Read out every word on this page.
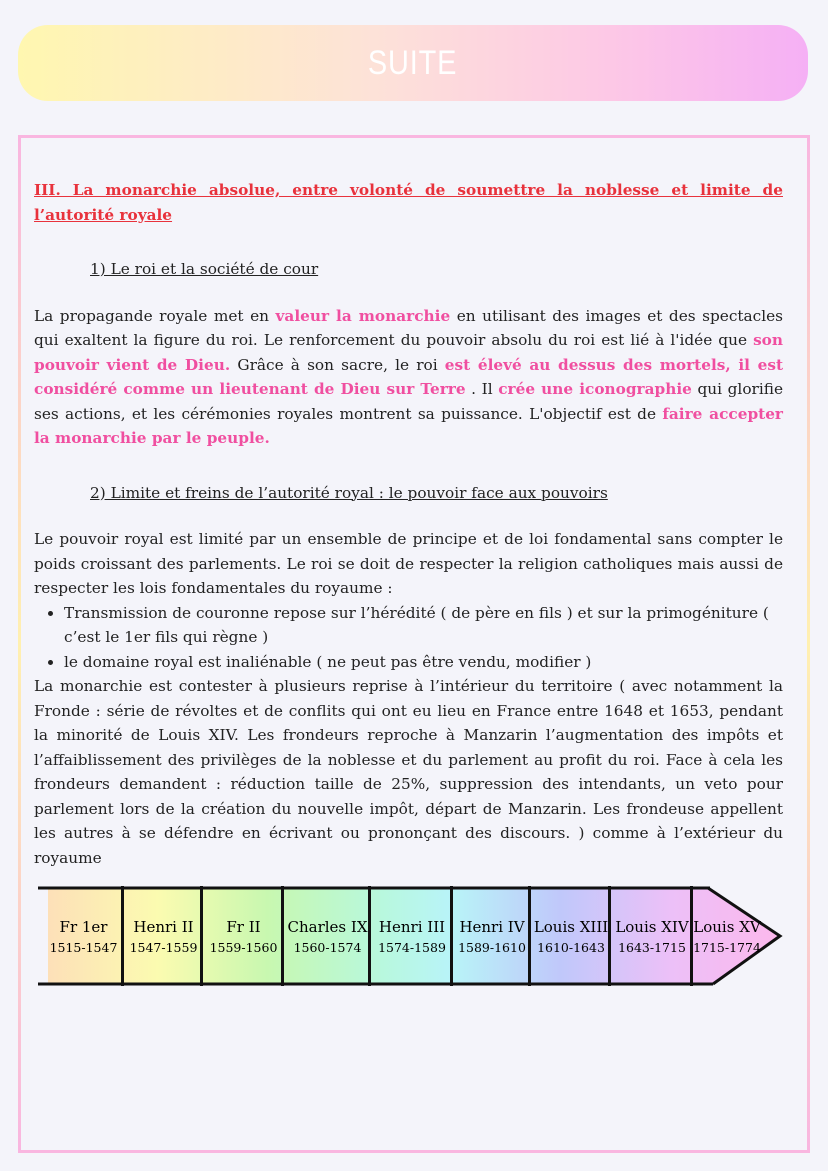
SUITE
III. La monarchie absolue, entre volonté de soumettre la noblesse et limite de l’autorité royale
1) Le roi et la société de cour

La propagande royale met en valeur la monarchie en utilisant des images et des spectacles qui exaltent la figure du roi. Le renforcement du pouvoir absolu du roi est lié à l'idée que son pouvoir vient de Dieu. Grâce à son sacre, le roi est élevé au dessus des mortels, il est considéré comme un lieutenant de Dieu sur Terre . Il crée une iconographie qui glorifie ses actions, et les cérémonies royales montrent sa puissance. L'objectif est de faire accepter la monarchie par le peuple.

2) Limite et freins de l’autorité royal : le pouvoir face aux pouvoirs

Le pouvoir royal est limité par un ensemble de principe et de loi fondamental sans compter le poids croissant des parlements. Le roi se doit de respecter la religion catholiques mais aussi de respecter les lois fondamentales du royaume :

• Transmission de couronne repose sur l’hérédité ( de père en fils ) et sur la primogéniture ( c’est le 1er fils qui règne )
• le domaine royal est inaliénable ( ne peut pas être vendu, modifier )
La monarchie est contester à plusieurs reprise à l’intérieur du territoire ( avec notamment la Fronde : série de révoltes et de conflits qui ont eu lieu en France entre 1648 et 1653, pendant la minorité de Louis XIV. Les frondeurs reproche à Manzarin l’augmentation des impôts et l’affaiblissement des privilèges de la noblesse et du parlement au profit du roi. Face à cela les frondeurs demandent : réduction taille de 25%, suppression des intendants, un veto pour parlement lors de la création du nouvelle impôt, départ de Manzarin. Les frondeuse appellent les autres à se défendre en écrivant ou prononçant des discours. ) comme à l’extérieur du royaume
Fr 1er
1515-1547
Henri II
1547-1559
Fr II
1559-1560
Charles IX
1560-1574
Henri III
1574-1589
Henri IV
1589-1610
Louis XIII
1610-1643
Louis XIV
1643-1715
Louis XV
1715-1774
